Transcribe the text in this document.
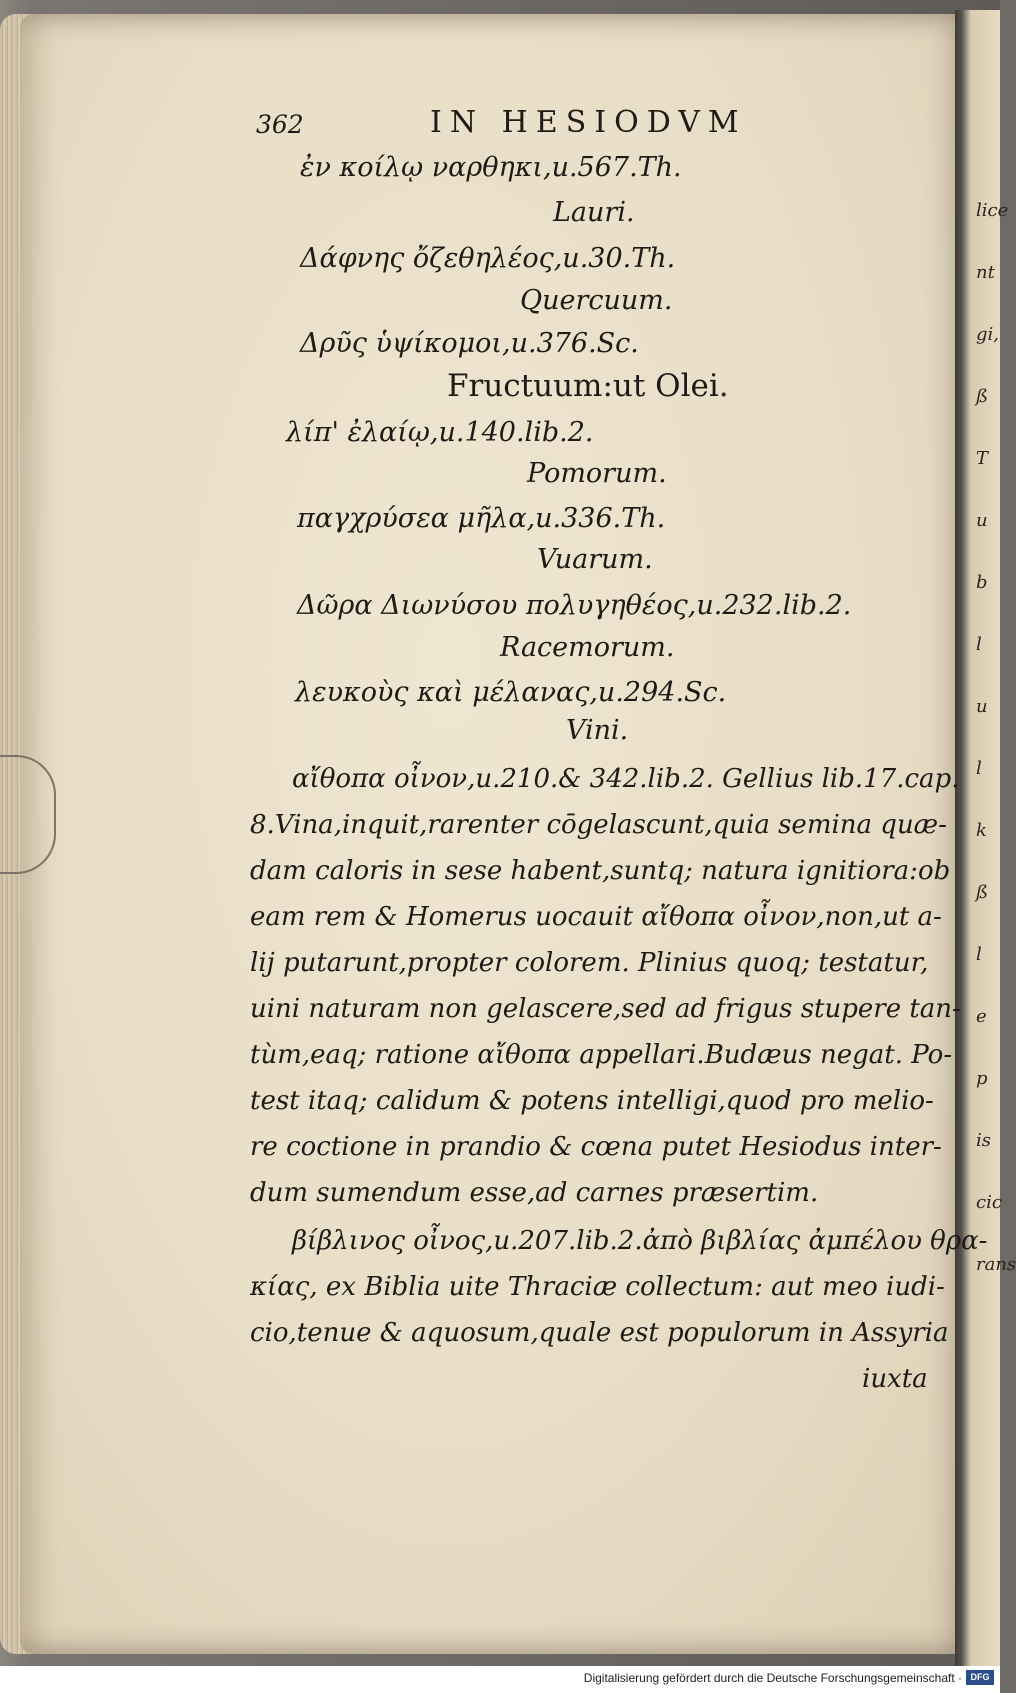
lice
nt
gi,
ß
T
u
b
l
u
l
k
ß
l
e
p
is
cic
rans
362	IN HESIODVM
ἐν κοίλῳ ναρθηκι,u.567.Th.
Lauri.
Δάφνης ὄζεθηλέος,u.30.Th.
Quercuum.
Δρῦς ὑψίκομοι,u.376.Sc.
Fructuum:ut Olei.
λίπ' ἐλαίῳ,u.140.lib.2.
Pomorum.
παγχρύσεα μῆλα,u.336.Th.
Vuarum.
Δῶρα Διωνύσου πολυγηθέος,u.232.lib.2.
Racemorum.
λευκοὺς καὶ μέλανας,u.294.Sc.
Vini.
αἴθοπα οἶνον,u.210.& 342.lib.2. Gellius lib.17.cap.
8.Vina,inquit,rarenter cōgelascunt,quia semina quæ-
dam caloris in sese habent,suntq; natura ignitiora:ob
eam rem & Homerus uocauit αἴθοπα οἶνον,non,ut a-
lij putarunt,propter colorem. Plinius quoq; testatur,
uini naturam non gelascere,sed ad frigus stupere tan-
tùm,eaq; ratione αἴθοπα appellari.Budæus negat. Po-
test itaq; calidum & potens intelligi,quod pro melio-
re coctione in prandio & cœna putet Hesiodus inter-
dum sumendum esse,ad carnes præsertim.
βίβλινος οἶνος,u.207.lib.2.ἀπὸ βιβλίας ἀμπέλου θρα-
κίας, ex Biblia uite Thraciæ collectum: aut meo iudi-
cio,tenue & aquosum,quale est populorum in Assyria
iuxta
Digitalisierung gefördert durch die Deutsche Forschungsgemeinschaft · DFG
